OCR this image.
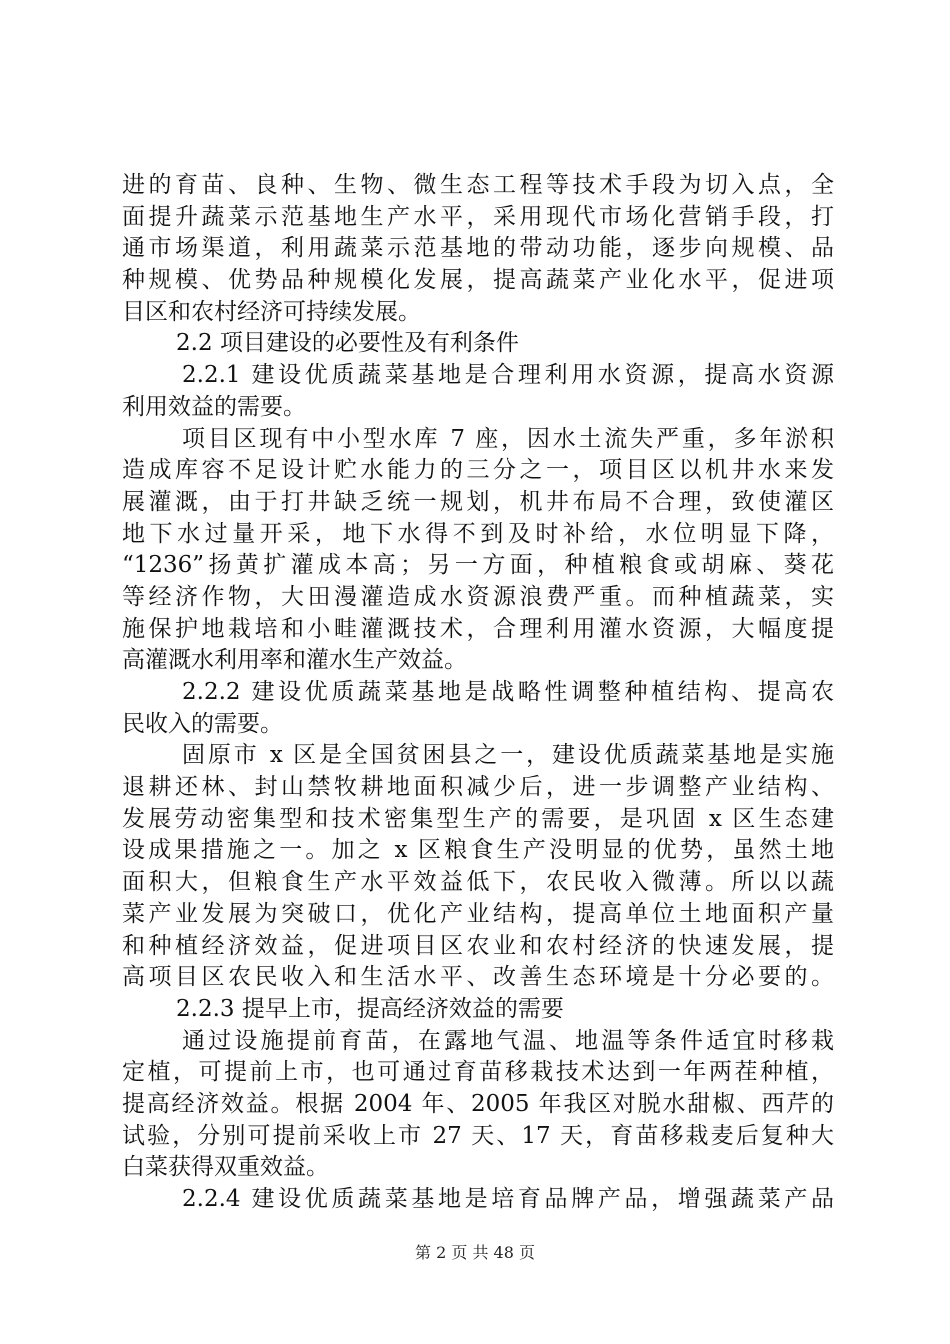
进的育苗、良种、生物、微生态工程等技术手段为切入点，全
面提升蔬菜示范基地生产水平，采用现代市场化营销手段，打
通市场渠道，利用蔬菜示范基地的带动功能，逐步向规模、品
种规模、优势品种规模化发展，提高蔬菜产业化水平，促进项
目区和农村经济可持续发展。
2.2 项目建设的必要性及有利条件
2.2.1 建设优质蔬菜基地是合理利用水资源，提高水资源
利用效益的需要。
项目区现有中小型水库 7 座，因水土流失严重，多年淤积
造成库容不足设计贮水能力的三分之一，项目区以机井水来发
展灌溉，由于打井缺乏统一规划，机井布局不合理，致使灌区
地下水过量开采，地下水得不到及时补给，水位明显下降，
“1236”扬黄扩灌成本高；另一方面，种植粮食或胡麻、葵花
等经济作物，大田漫灌造成水资源浪费严重。而种植蔬菜，实
施保护地栽培和小畦灌溉技术，合理利用灌水资源，大幅度提
高灌溉水利用率和灌水生产效益。
2.2.2 建设优质蔬菜基地是战略性调整种植结构、提高农
民收入的需要。
固原市 x 区是全国贫困县之一，建设优质蔬菜基地是实施
退耕还林、封山禁牧耕地面积减少后，进一步调整产业结构、
发展劳动密集型和技术密集型生产的需要，是巩固 x 区生态建
设成果措施之一。加之 x 区粮食生产没明显的优势，虽然土地
面积大，但粮食生产水平效益低下，农民收入微薄。所以以蔬
菜产业发展为突破口，优化产业结构，提高单位土地面积产量
和种植经济效益，促进项目区农业和农村经济的快速发展，提
高项目区农民收入和生活水平、改善生态环境是十分必要的。
2.2.3 提早上市，提高经济效益的需要
通过设施提前育苗，在露地气温、地温等条件适宜时移栽
定植，可提前上市，也可通过育苗移栽技术达到一年两茬种植，
提高经济效益。根据 2004 年、2005 年我区对脱水甜椒、西芹的
试验，分别可提前采收上市 27 天、17 天，育苗移栽麦后复种大
白菜获得双重效益。
2.2.4 建设优质蔬菜基地是培育品牌产品，增强蔬菜产品
第 2 页 共 48 页
